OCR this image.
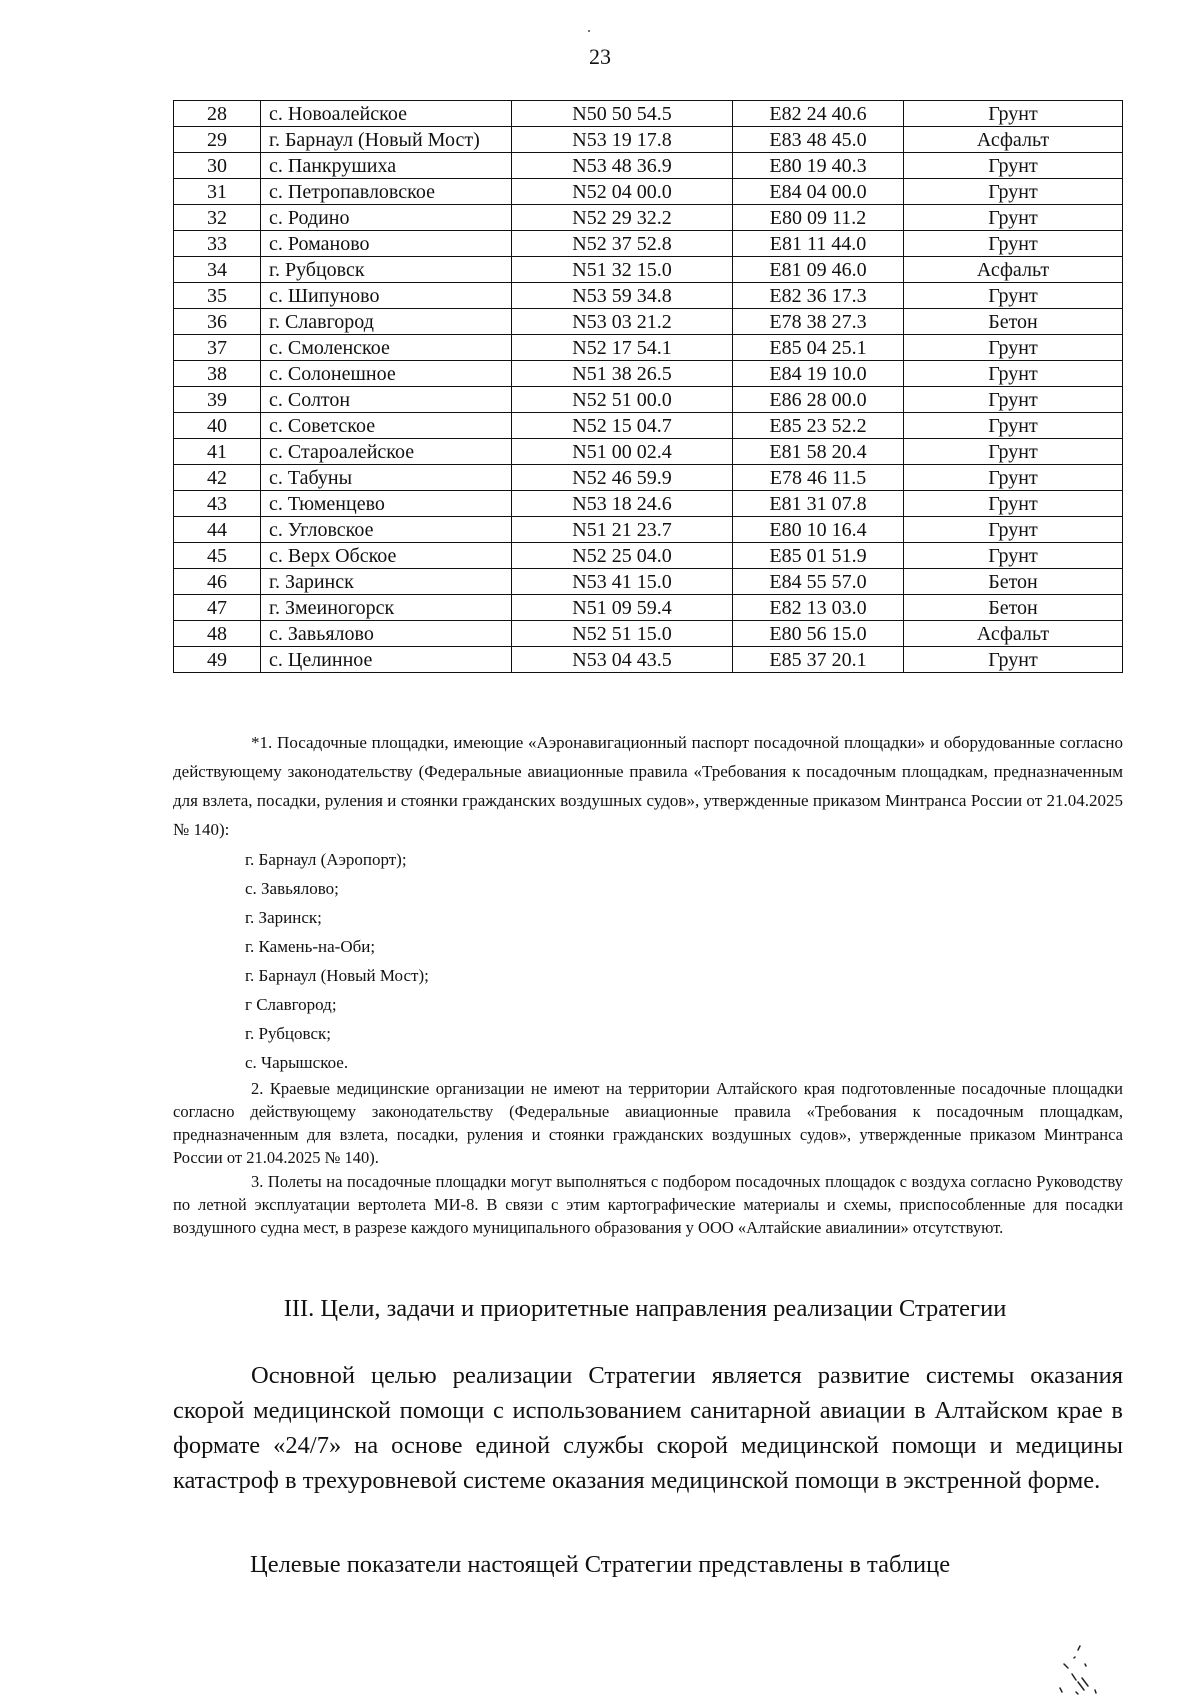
23
28	с. Новоалейское	N50 50 54.5	E82 24 40.6	Грунт
29	г. Барнаул (Новый Мост)	N53 19 17.8	E83 48 45.0	Асфальт
30	с. Панкрушиха	N53 48 36.9	E80 19 40.3	Грунт
31	с. Петропавловское	N52 04 00.0	E84 04 00.0	Грунт
32	с. Родино	N52 29 32.2	E80 09 11.2	Грунт
33	с. Романово	N52 37 52.8	E81 11 44.0	Грунт
34	г. Рубцовск	N51 32 15.0	E81 09 46.0	Асфальт
35	с. Шипуново	N53 59 34.8	E82 36 17.3	Грунт
36	г. Славгород	N53 03 21.2	E78 38 27.3	Бетон
37	с. Смоленское	N52 17 54.1	E85 04 25.1	Грунт
38	с. Солонешное	N51 38 26.5	E84 19 10.0	Грунт
39	с. Солтон	N52 51 00.0	E86 28 00.0	Грунт
40	с. Советское	N52 15 04.7	E85 23 52.2	Грунт
41	с. Староалейское	N51 00 02.4	E81 58 20.4	Грунт
42	с. Табуны	N52 46 59.9	E78 46 11.5	Грунт
43	с. Тюменцево	N53 18 24.6	E81 31 07.8	Грунт
44	с. Угловское	N51 21 23.7	E80 10 16.4	Грунт
45	с. Верх Обское	N52 25 04.0	E85 01 51.9	Грунт
46	г. Заринск	N53 41 15.0	E84 55 57.0	Бетон
47	г. Змеиногорск	N51 09 59.4	E82 13 03.0	Бетон
48	с. Завьялово	N52 51 15.0	E80 56 15.0	Асфальт
49	с. Целинное	N53 04 43.5	E85 37 20.1	Грунт
*1. Посадочные площадки, имеющие «Аэронавигационный паспорт посадочной площадки» и оборудованные согласно действующему законодательству (Федеральные авиационные правила «Требования к посадочным площадкам, предназначенным для взлета, посадки, руления и стоянки гражданских воздушных судов», утвержденные приказом Минтранса России от 21.04.2025 № 140):
г. Барнаул (Аэропорт);
с. Завьялово;
г. Заринск;
г. Камень-на-Оби;
г. Барнаул (Новый Мост);
г Славгород;
г. Рубцовск;
с. Чарышское.
2. Краевые медицинские организации не имеют на территории Алтайского края подготовленные посадочные площадки согласно действующему законодательству (Федеральные авиационные правила «Требования к посадочным площадкам, предназначенным для взлета, посадки, руления и стоянки гражданских воздушных судов», утвержденные приказом Минтранса России от 21.04.2025 № 140).
3. Полеты на посадочные площадки могут выполняться с подбором посадочных площадок с воздуха согласно Руководству по летной эксплуатации вертолета МИ-8. В связи с этим картографические материалы и схемы, приспособленные для посадки воздушного судна мест, в разрезе каждого муниципального образования у ООО «Алтайские авиалинии» отсутствуют.
III. Цели, задачи и приоритетные направления реализации Стратегии
Основной целью реализации Стратегии является развитие системы оказания скорой медицинской помощи с использованием санитарной авиации в Алтайском крае в формате «24/7» на основе единой службы скорой медицинской помощи и медицины катастроф в трехуровневой системе оказания медицинской помощи в экстренной форме.
Целевые показатели настоящей Стратегии представлены в таблице
